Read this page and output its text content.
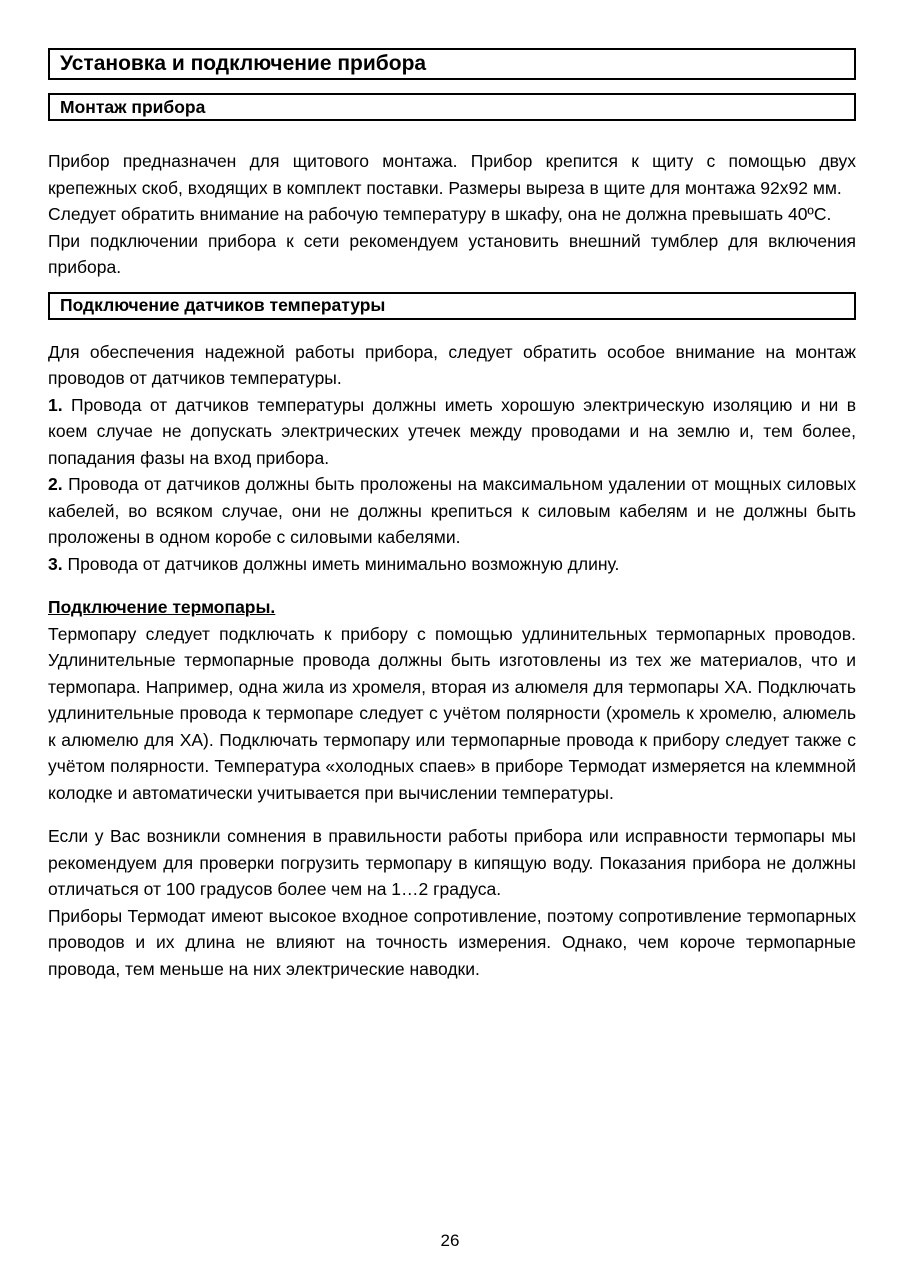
Установка и подключение прибора
Монтаж прибора

Прибор предназначен для щитового монтажа. Прибор крепится к щиту с помощью двух крепежных скоб, входящих в комплект поставки. Размеры выреза в щите для монтажа 92х92 мм.

Следует обратить внимание на рабочую температуру в шкафу, она не должна превышать 40ºС.

При подключении прибора к сети рекомендуем установить внешний тумблер для включения прибора.

Подключение датчиков температуры

Для обеспечения надежной работы прибора, следует обратить особое внимание на монтаж проводов от датчиков температуры.

1. Провода от датчиков температуры должны иметь хорошую электрическую изоляцию и ни в коем случае не допускать электрических утечек между проводами и на землю и, тем более, попадания фазы на вход прибора.

2. Провода от датчиков должны быть проложены на максимальном удалении от мощных силовых кабелей, во всяком случае, они не должны крепиться к силовым кабелям и не должны быть проложены в одном коробе с силовыми кабелями.

3. Провода от датчиков должны иметь минимально возможную длину.

Подключение термопары.

Термопару следует подключать к прибору с помощью удлинительных термопарных проводов. Удлинительные термопарные провода должны быть изготовлены из тех же материалов, что и термопара. Например, одна жила из хромеля, вторая из алюмеля для термопары ХА. Подключать удлинительные провода к термопаре следует с учётом полярности (хромель к хромелю, алюмель к алюмелю для ХА). Подключать термопару или термопарные провода к прибору следует также с учётом полярности. Температура «холодных спаев» в приборе Термодат измеряется на клеммной колодке и автоматически учитывается при вычислении температуры.

Если у Вас возникли сомнения в правильности работы прибора или исправности термопары мы рекомендуем для проверки погрузить термопару в кипящую воду. Показания прибора не должны отличаться от 100 градусов более чем на 1…2 градуса.

Приборы Термодат имеют высокое входное сопротивление, поэтому сопротивление термопарных проводов и их длина не влияют на точность измерения. Однако, чем короче термопарные провода, тем меньше на них электрические наводки.

26
